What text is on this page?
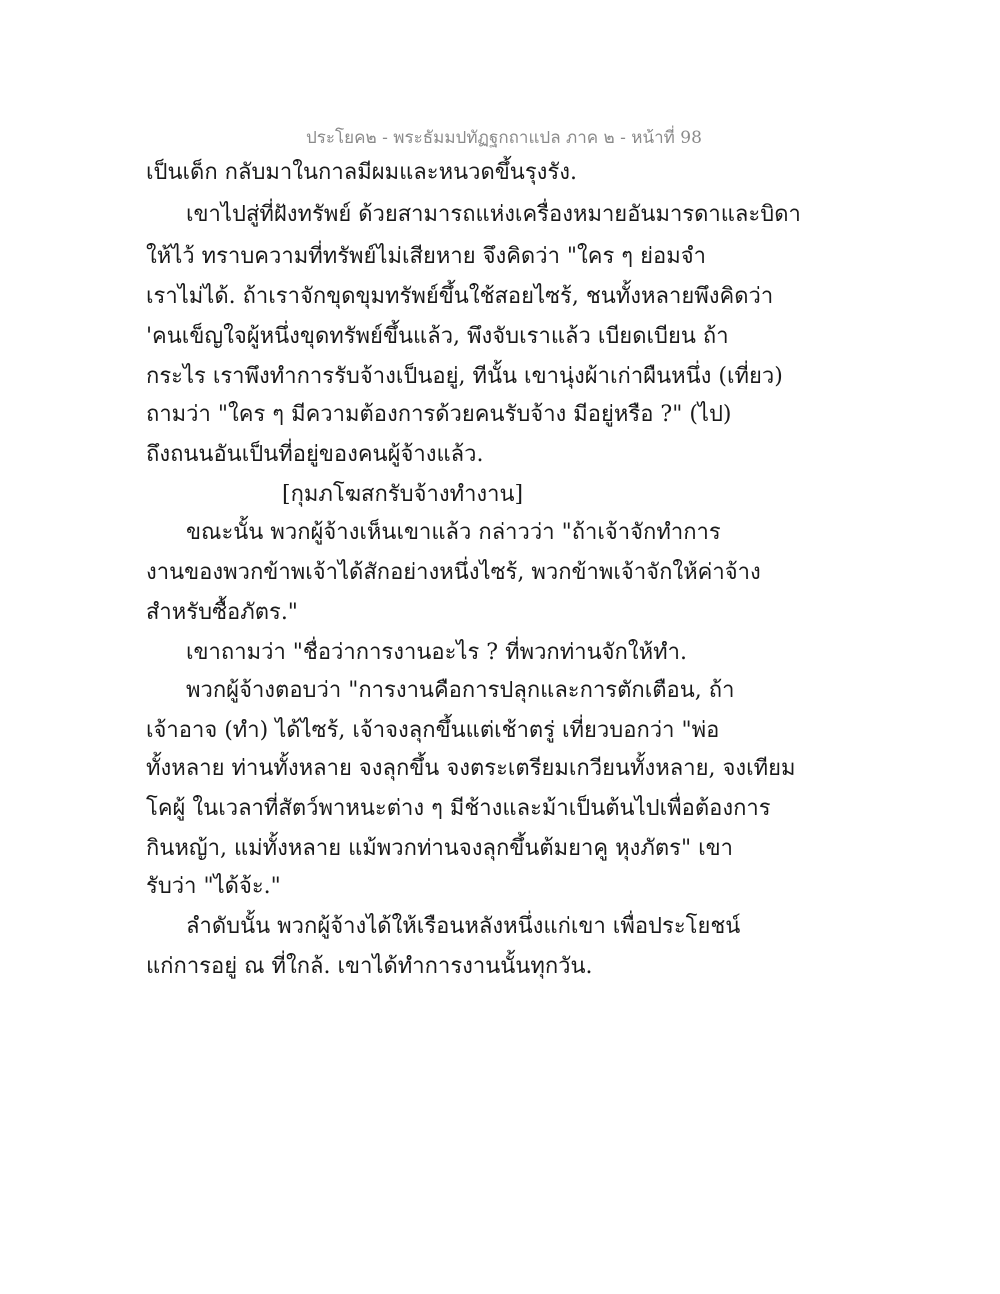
ประโยค๒ - พระธัมมปทัฏฐกถาแปล ภาค ๒ - หน้าที่ 98
เป็นเด็ก กลับมาในกาลมีผมและหนวดขึ้นรุงรัง.
เขาไปสู่ที่ฝังทรัพย์ ด้วยสามารถแห่งเครื่องหมายอันมารดาและบิดา
ให้ไว้ ทราบความที่ทรัพย์ไม่เสียหาย จึงคิดว่า "ใคร ๆ ย่อมจำ
เราไม่ได้. ถ้าเราจักขุดขุมทรัพย์ขึ้นใช้สอยไซร้, ชนทั้งหลายพึงคิดว่า
'คนเข็ญใจผู้หนึ่งขุดทรัพย์ขึ้นแล้ว, พึงจับเราแล้ว เบียดเบียน ถ้า
กระไร เราพึงทำการรับจ้างเป็นอยู่, ทีนั้น เขานุ่งผ้าเก่าผืนหนึ่ง (เที่ยว)
ถามว่า "ใคร ๆ มีความต้องการด้วยคนรับจ้าง มีอยู่หรือ ?" (ไป)
ถึงถนนอันเป็นที่อยู่ของคนผู้จ้างแล้ว.
[กุมภโฆสกรับจ้างทำงาน]
ขณะนั้น พวกผู้จ้างเห็นเขาแล้ว กล่าวว่า "ถ้าเจ้าจักทำการ
งานของพวกข้าพเจ้าได้สักอย่างหนึ่งไซร้, พวกข้าพเจ้าจักให้ค่าจ้าง
สำหรับซื้อภัตร."
เขาถามว่า "ชื่อว่าการงานอะไร ? ที่พวกท่านจักให้ทำ.
พวกผู้จ้างตอบว่า "การงานคือการปลุกและการตักเตือน, ถ้า
เจ้าอาจ (ทำ) ได้ไซร้, เจ้าจงลุกขึ้นแต่เช้าตรู่ เที่ยวบอกว่า "พ่อ
ทั้งหลาย ท่านทั้งหลาย จงลุกขึ้น จงตระเตรียมเกวียนทั้งหลาย, จงเทียม
โคผู้ ในเวลาที่สัตว์พาหนะต่าง ๆ มีช้างและม้าเป็นต้นไปเพื่อต้องการ
กินหญ้า, แม่ทั้งหลาย แม้พวกท่านจงลุกขึ้นต้มยาคู หุงภัตร" เขา
รับว่า "ได้จ้ะ."
ลำดับนั้น พวกผู้จ้างได้ให้เรือนหลังหนึ่งแก่เขา เพื่อประโยชน์
แก่การอยู่ ณ ที่ใกล้. เขาได้ทำการงานนั้นทุกวัน.
